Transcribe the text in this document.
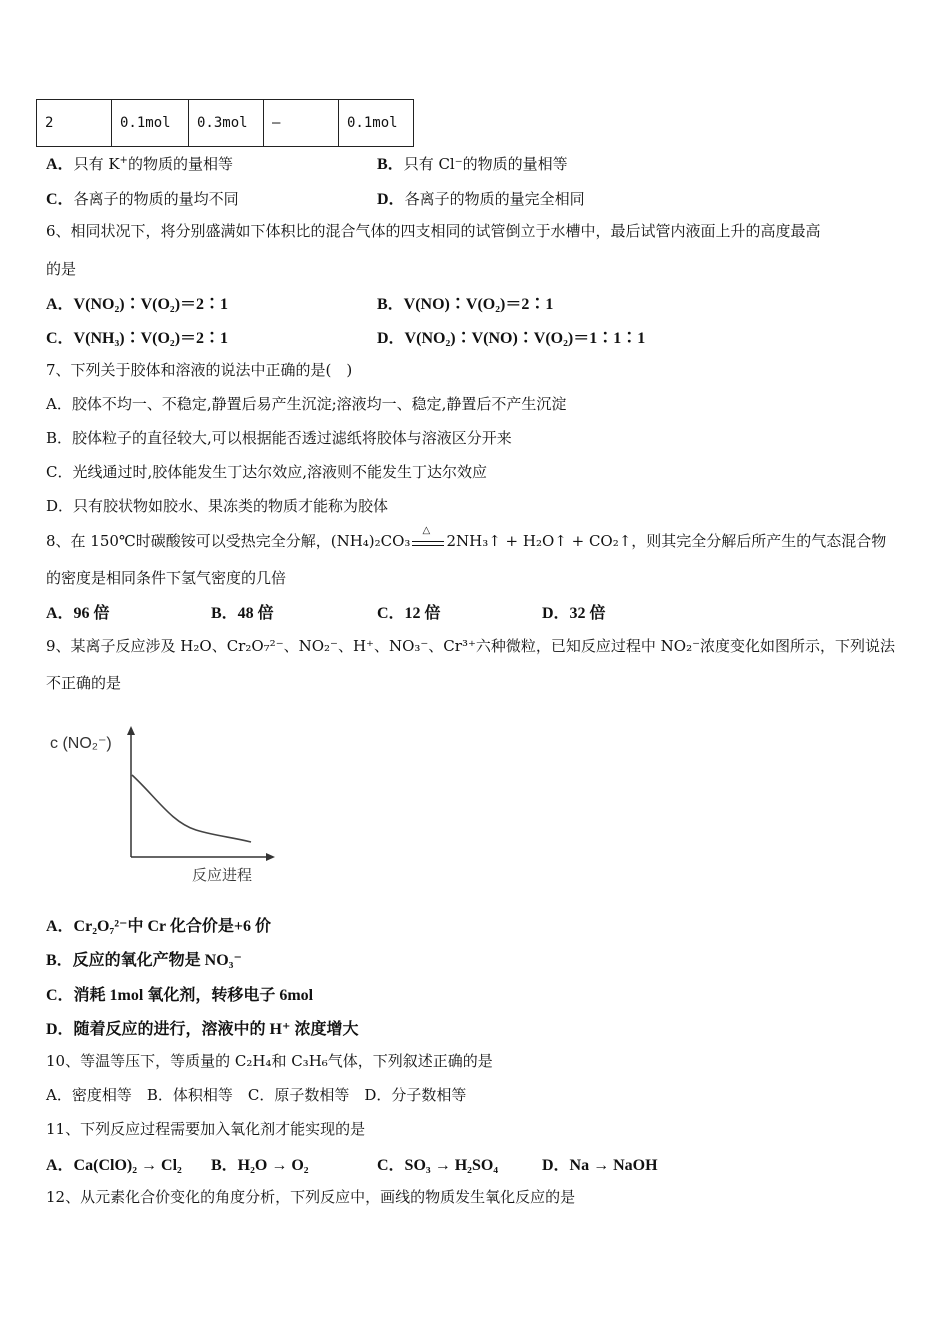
2	0.1mol	0.3mol	—	0.1mol
A．只有 K+的物质的量相等	B．只有 Cl⁻的物质的量相等
C．各离子的物质的量均不同	D．各离子的物质的量完全相同
6、相同状况下，将分别盛满如下体积比的混合气体的四支相同的试管倒立于水槽中，最后试管内液面上升的高度最高
的是
A．V(NO₂)∶V(O₂)＝2∶1	B．V(NO)∶V(O₂)＝2∶1
C．V(NH₃)∶V(O₂)＝2∶1	D．V(NO₂)∶V(NO)∶V(O₂)＝1∶1∶1
7、下列关于胶体和溶液的说法中正确的是(　)
A．胶体不均一、不稳定,静置后易产生沉淀;溶液均一、稳定,静置后不产生沉淀
B．胶体粒子的直径较大,可以根据能否透过滤纸将胶体与溶液区分开来
C．光线通过时,胶体能发生丁达尔效应,溶液则不能发生丁达尔效应
D．只有胶状物如胶水、果冻类的物质才能称为胶体
8、在 150℃时碳酸铵可以受热完全分解，(NH₄)₂CO₃
△
2NH₃↑ + H₂O↑ + CO₂↑，则其完全分解后所产生的气态混合物
的密度是相同条件下氢气密度的几倍
A．96 倍	B．48 倍	C．12 倍	D．32 倍
9、某离子反应涉及 H₂O、Cr₂O₇²⁻、NO₂⁻、H⁺、NO₃⁻、Cr³⁺六种微粒，已知反应过程中 NO₂⁻浓度变化如图所示，下列说法
不正确的是
c (NO₂⁻)
反应进程
A．Cr₂O₇²⁻中 Cr 化合价是+6 价
B．反应的氧化产物是 NO₃⁻
C．消耗 1mol 氧化剂，转移电子 6mol
D．随着反应的进行，溶液中的 H⁺ 浓度增大
10、等温等压下，等质量的 C₂H₄和 C₃H₆气体，下列叙述正确的是
A．密度相等　B．体积相等　C．原子数相等　D．分子数相等
11、下列反应过程需要加入氧化剂才能实现的是
A．Ca(ClO)₂ → Cl₂ B．H₂O → O₂	C．SO₃ → H₂SO₄	D．Na → NaOH
12、从元素化合价变化的角度分析，下列反应中，画线的物质发生氧化反应的是
